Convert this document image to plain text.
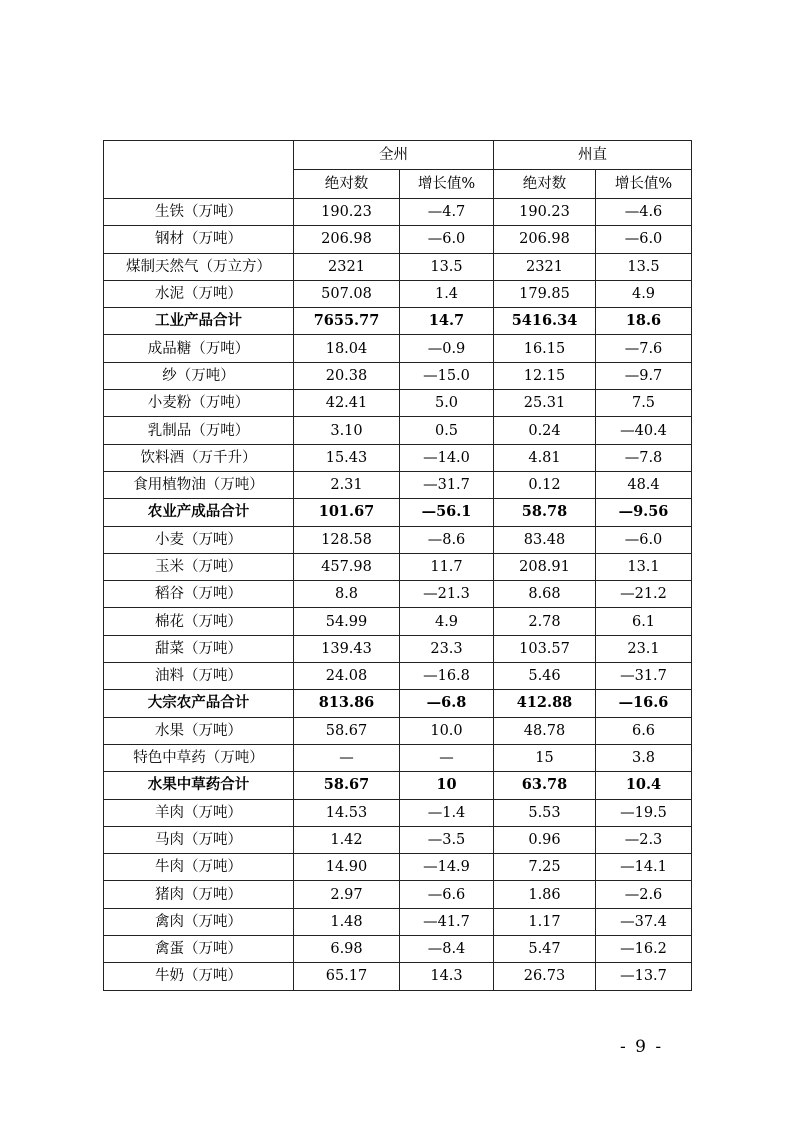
	全州		州直	
	绝对数	增长值%	绝对数	增长值%
生铁（万吨）	190.23	—4.7	190.23	—4.6
钢材（万吨）	206.98	—6.0	206.98	—6.0
煤制天然气（万立方）	2321	13.5	2321	13.5
水泥（万吨）	507.08	1.4	179.85	4.9
工业产品合计	7655.77	14.7	5416.34	18.6
成品糖（万吨）	18.04	—0.9	16.15	—7.6
纱（万吨）	20.38	—15.0	12.15	—9.7
小麦粉（万吨）	42.41	5.0	25.31	7.5
乳制品（万吨）	3.10	0.5	0.24	—40.4
饮料酒（万千升）	15.43	—14.0	4.81	—7.8
食用植物油（万吨）	2.31	—31.7	0.12	48.4
农业产成品合计	101.67	—56.1	58.78	—9.56
小麦（万吨）	128.58	—8.6	83.48	—6.0
玉米（万吨）	457.98	11.7	208.91	13.1
稻谷（万吨）	8.8	—21.3	8.68	—21.2
棉花（万吨）	54.99	4.9	2.78	6.1
甜菜（万吨）	139.43	23.3	103.57	23.1
油料（万吨）	24.08	—16.8	5.46	—31.7
大宗农产品合计	813.86	—6.8	412.88	—16.6
水果（万吨）	58.67	10.0	48.78	6.6
特色中草药（万吨）	—	—	15	3.8
水果中草药合计	58.67	10	63.78	10.4
羊肉（万吨）	14.53	—1.4	5.53	—19.5
马肉（万吨）	1.42	—3.5	0.96	—2.3
牛肉（万吨）	14.90	—14.9	7.25	—14.1
猪肉（万吨）	2.97	—6.6	1.86	—2.6
禽肉（万吨）	1.48	—41.7	1.17	—37.4
禽蛋（万吨）	6.98	—8.4	5.47	—16.2
牛奶（万吨）	65.17	14.3	26.73	—13.7
- 9 -
